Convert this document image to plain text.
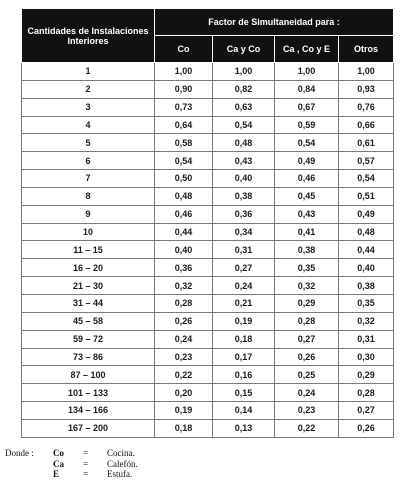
Cantidades de Instalaciones Interiores	Factor de Simultaneidad para :			
	Co	Ca y Co	Ca , Co y E	Otros
1	1,00	1,00	1,00	1,00
2	0,90	0,82	0,84	0,93
3	0,73	0,63	0,67	0,76
4	0,64	0,54	0,59	0,66
5	0,58	0,48	0,54	0,61
6	0,54	0,43	0,49	0,57
7	0,50	0,40	0,46	0,54
8	0,48	0,38	0,45	0,51
9	0,46	0,36	0,43	0,49
10	0,44	0,34	0,41	0,48
11 – 15	0,40	0,31	0,38	0,44
16 – 20	0,36	0,27	0,35	0,40
21 – 30	0,32	0,24	0,32	0,38
31 – 44	0,28	0,21	0,29	0,35
45 – 58	0,26	0,19	0,28	0,32
59 – 72	0,24	0,18	0,27	0,31
73 – 86	0,23	0,17	0,26	0,30
87 – 100	0,22	0,16	0,25	0,29
101 – 133	0,20	0,15	0,24	0,28
134 – 166	0,19	0,14	0,23	0,27
167 – 200	0,18	0,13	0,22	0,26
Donde :	Co	=	Cocina.
Ca	=	Calefón.
E	=	Estufa.
